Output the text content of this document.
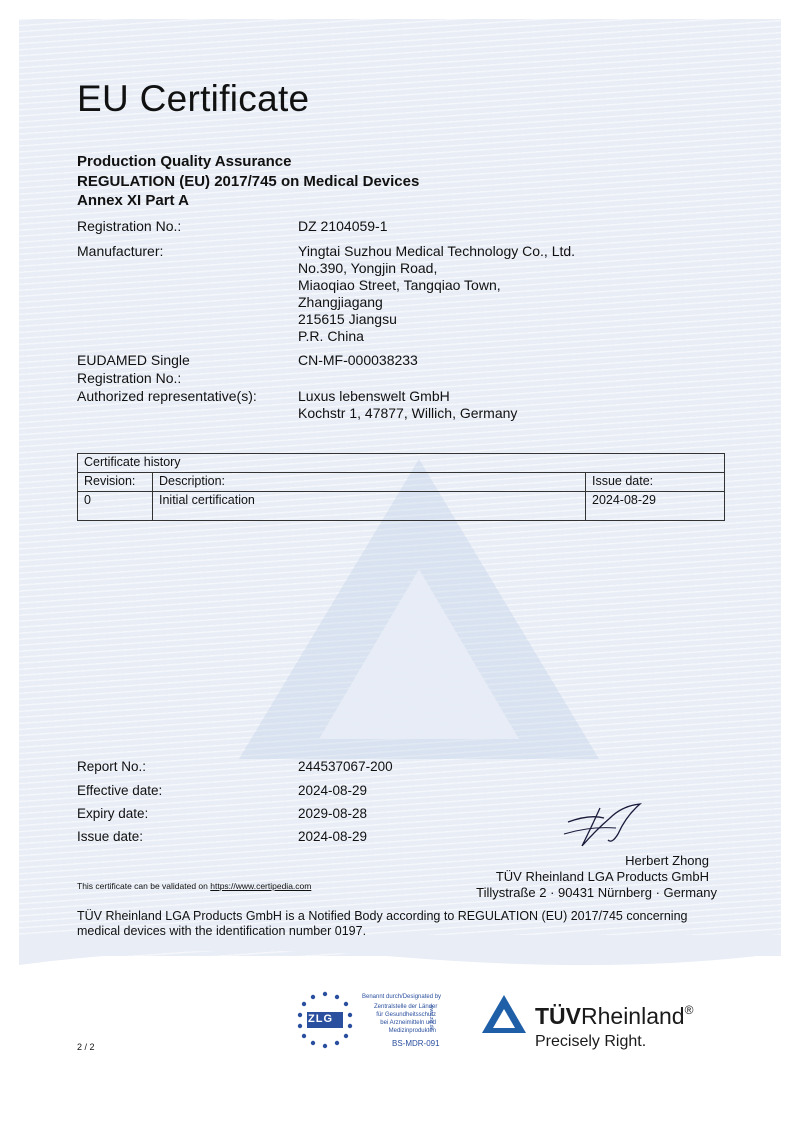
EU Certificate
Production Quality Assurance
REGULATION (EU) 2017/745 on Medical Devices
Annex XI Part A
Registration No.:	DZ 2104059-1
Manufacturer:	Yingtai Suzhou Medical Technology Co., Ltd.
No.390, Yongjin Road,
Miaoqiao Street, Tangqiao Town,
Zhangjiagang
215615 Jiangsu
P.R. China
EUDAMED Single
Registration No.:
CN-MF-000038233
Authorized representative(s):	Luxus lebenswelt GmbH
Kochstr 1, 47877, Willich, Germany
Certificate history		
Revision:	Description:	Issue date:
0	Initial certification	2024-08-29
Report No.:	244537067-200
Effective date:	2024-08-29
Expiry date:	2029-08-28
Issue date:	2024-08-29
Herbert Zhong
TÜV Rheinland LGA Products GmbH
Tillystraße 2 · 90431 Nürnberg · Germany
This certificate can be validated on https://www.certipedia.com
TÜV Rheinland LGA Products GmbH is a Notified Body according to REGULATION (EU) 2017/745 concerning medical devices with the identification number 0197.
ZLG
Benannt durch/Designated by
Zentralstelle der Länder
für Gesundheitsschutz
bei Arzneimitteln und
Medizinprodukten
BS-MDR-091
www.zlg.de	TÜVRheinland®
Precisely Right.
2 / 2
